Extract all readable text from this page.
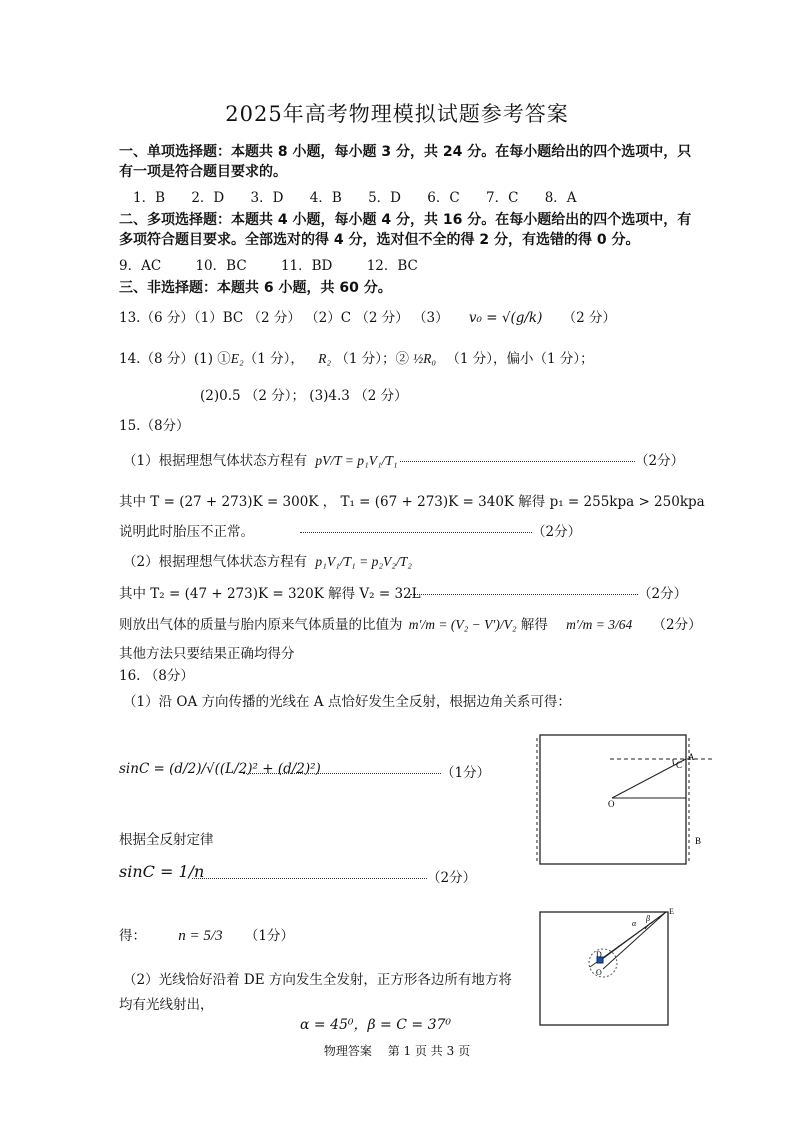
2025年高考物理模拟试题参考答案
一、单项选择题：本题共 8 小题，每小题 3 分，共 24 分。在每小题给出的四个选项中，只
有一项是符合题目要求的。
1．B 2．D 3．D 4．B 5．D 6．C 7．C 8．A
二、多项选择题：本题共 4 小题，每小题 4 分，共 16 分。在每小题给出的四个选项中，有
多项符合题目要求。全部选对的得 4 分，选对但不全的得 2 分，有选错的得 0 分。
9．AC	10．BC	11．BD	12．BC
三、非选择题：本题共 6 小题，共 60 分。
13.（6 分）（1）BC （2 分） （2）C （2 分） （3） v₀ = √(g/k) （2 分）
14.（8 分）(1) ①E₂（1 分）， R₂ （1 分）；② ½R₀ （1 分），偏小（1 分）；
(2)0.5 （2 分）； (3)4.3 （2 分）
15.（8分）
（1）根据理想气体状态方程有 pV/T = p₁V₁/T₁	（2分）
其中 T = (27 + 273)K = 300K ， T₁ = (67 + 273)K = 340K 解得 p₁ = 255kpa > 250kpa
说明此时胎压不正常。	（2分）
（2）根据理想气体状态方程有 p₁V₁/T₁ = p₂V₂/T₂
其中 T₂ = (47 + 273)K = 320K 解得 V₂ = 32L	（2分）
则放出气体的质量与胎内原来气体质量的比值为 m′/m = (V₂ − V′)/V₂ 解得 m′/m = 3/64 （2分）
其他方法只要结果正确均得分
16. （8分）
（1）沿 OA 方向传播的光线在 A 点恰好发生全反射，根据边角关系可得：
sinC = (d/2)/√((L/2)² + (d/2)²)	（1分）
根据全反射定律
sinC = 1/n	（2分）
得： n = 5/3 （1分）
（2）光线恰好沿着 DE 方向发生全发射，正方形各边所有地方将
均有光线射出，
α = 45⁰，β = C = 37⁰
A
C
O
B
D
O
E
α
β
物理答案　 第 1 页 共 3 页
